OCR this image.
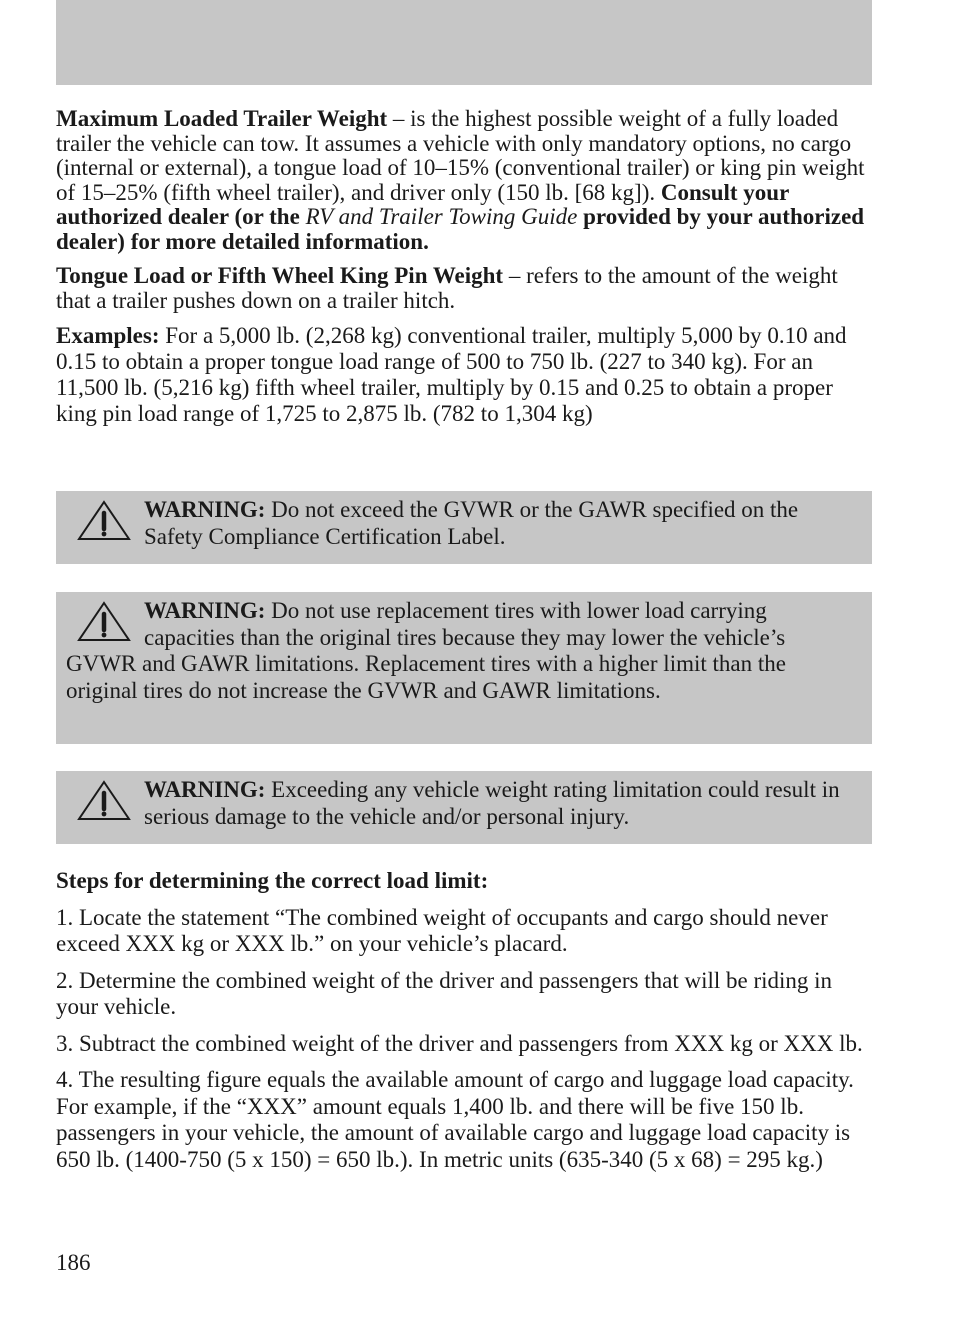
Maximum Loaded Trailer Weight – is the highest possible weight of a fully loaded trailer the vehicle can tow. It assumes a vehicle with only mandatory options, no cargo (internal or external), a tongue load of 10–15% (conventional trailer) or king pin weight of 15–25% (fifth wheel trailer), and driver only (150 lb. [68 kg]). Consult your authorized dealer (or the RV and Trailer Towing Guide provided by your authorized dealer) for more detailed information.

Tongue Load or Fifth Wheel King Pin Weight – refers to the amount of the weight that a trailer pushes down on a trailer hitch.

Examples: For a 5,000 lb. (2,268 kg) conventional trailer, multiply 5,000 by 0.10 and 0.15 to obtain a proper tongue load range of 500 to 750 lb. (227 to 340 kg). For an 11,500 lb. (5,216 kg) fifth wheel trailer, multiply by 0.15 and 0.25 to obtain a proper king pin load range of 1,725 to 2,875 lb. (782 to 1,304 kg)

WARNING: Do not exceed the GVWR or the GAWR specified on the Safety Compliance Certification Label.

WARNING: Do not use replacement tires with lower load carrying capacities than the original tires because they may lower the vehicle’s GVWR and GAWR limitations. Replacement tires with a higher limit than the original tires do not increase the GVWR and GAWR limitations.

WARNING: Exceeding any vehicle weight rating limitation could result in serious damage to the vehicle and/or personal injury.

Steps for determining the correct load limit:

1. Locate the statement “The combined weight of occupants and cargo should never exceed XXX kg or XXX lb.” on your vehicle’s placard.

2. Determine the combined weight of the driver and passengers that will be riding in your vehicle.

3. Subtract the combined weight of the driver and passengers from XXX kg or XXX lb.

4. The resulting figure equals the available amount of cargo and luggage load capacity. For example, if the “XXX” amount equals 1,400 lb. and there will be five 150 lb. passengers in your vehicle, the amount of available cargo and luggage load capacity is 650 lb. (1400-750 (5 x 150) = 650 lb.). In metric units (635-340 (5 x 68) = 295 kg.)

186
